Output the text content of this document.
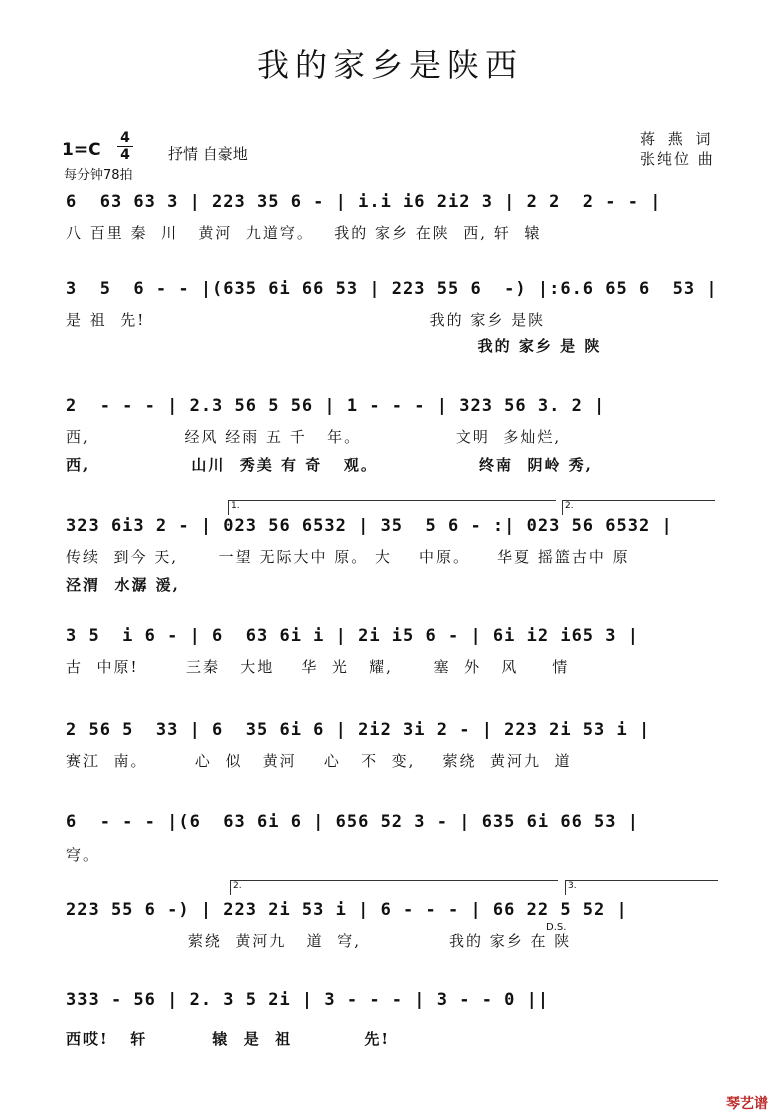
我的家乡是陕西
1=C
4
4	抒情 自豪地
每分钟78拍
蒋 燕 词
张纯位 曲
6  63 63 3 | 223 35 6 - | i.i i6 2i2 3 | 2 2  2 - - |
八 百里 秦  川   黄河  九道穹。   我的 家乡 在陕  西, 轩  辕
3  5  6 - - |(635 6i 66 53 | 223 55 6  -) |:6.6 65 6  53 |
是 祖  先!                                          我的 家乡 是陕
我的 家乡 是 陕
2  - - - | 2.3 56 5 56 | 1 - - - | 323 56 3. 2 |
西,              经风 经雨 五 千   年。              文明  多灿烂,
西,              山川  秀美 有 奇   观。              终南  阴岭 秀,
1.	2.
323 6i3 2 - | 023 56 6532 | 35  5 6 - :| 023 56 6532 |
传续  到今 天,      一望 无际大中 原。 大    中原。    华夏 摇篮古中 原
泾渭  水潺 湲,
3 5  i 6 - | 6  63 6i i | 2i i5 6 - | 6i i2 i65 3 |
古  中原!       三秦   大地    华  光   耀,      塞  外   风     情
2 56 5  33 | 6  35 6i 6 | 2i2 3i 2 - | 223 2i 53 i |
赛江  南。       心  似   黄河    心   不  变,    萦绕  黄河九  道
6  - - - |(6  63 6i 6 | 656 52 3 - | 635 6i 66 53 |
穹。
2.	3.
223 55 6 -) | 223 2i 53 i | 6 - - - | 66 22 5 52 |
萦绕  黄河九   道  穹,             我的 家乡 在 陕
D.S.
333 - 56 | 2. 3 5 2i | 3 - - - | 3 - - 0 ||
西哎!   轩         辕  是  祖          先!
琴艺谱
